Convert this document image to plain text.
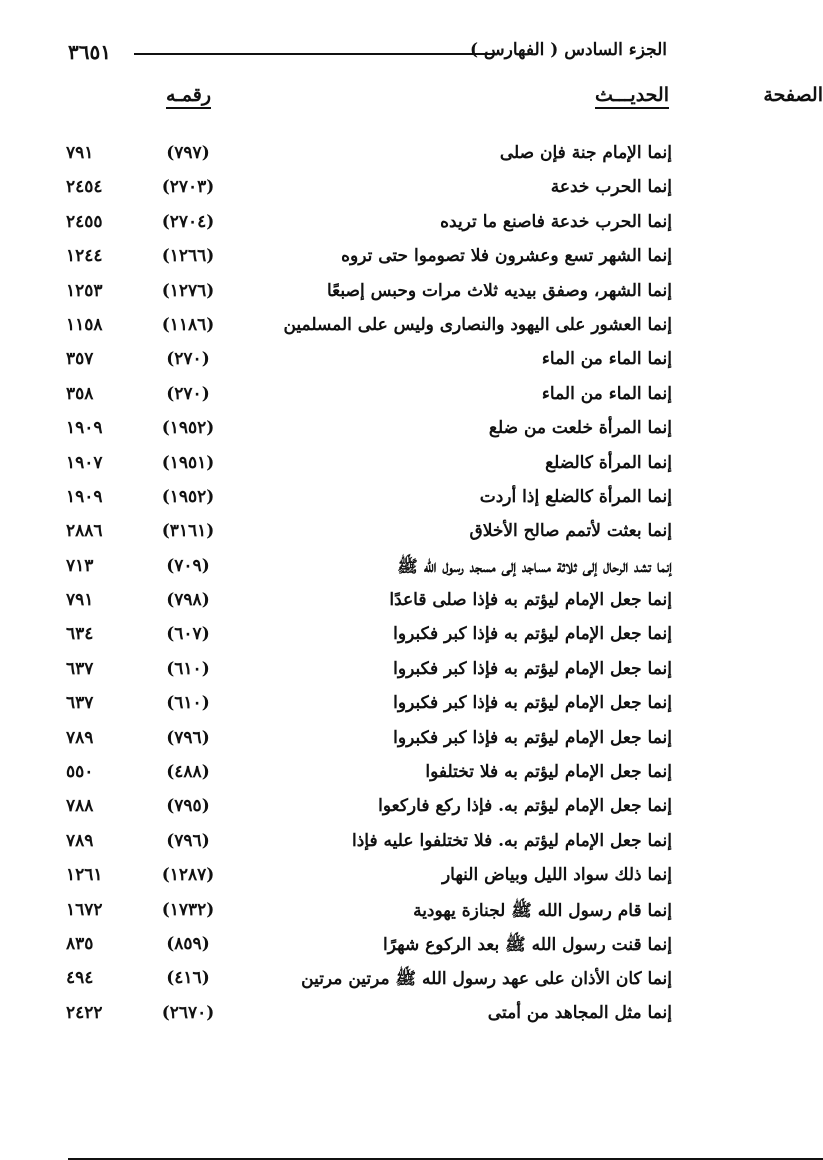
٣٦٥١	الجزء السادس ( الفهارس )
الحديـــث
رقمـه	الصفحة
إنما الإمام جنة فإن صلى
(٧٩٧)
٧٩١
إنما الحرب خدعة
(٢٧٠٣)
٢٤٥٤
إنما الحرب خدعة فاصنع ما تريده
(٢٧٠٤)
٢٤٥٥
إنما الشهر تسع وعشرون فلا تصوموا حتى تروه
(١٢٦٦)
١٢٤٤
إنما الشهر، وصفق بيديه ثلاث مرات وحبس إصبعًا
(١٢٧٦)
١٢٥٣
إنما العشور على اليهود والنصارى وليس على المسلمين
(١١٨٦)
١١٥٨
إنما الماء من الماء
(٢٧٠)
٣٥٧
إنما الماء من الماء
(٢٧٠)
٣٥٨
إنما المرأة خلعت من ضلع
(١٩٥٢)
١٩٠٩
إنما المرأة كالضلع
(١٩٥١)
١٩٠٧
إنما المرأة كالضلع إذا أردت
(١٩٥٢)
١٩٠٩
إنما بعثت لأتمم صالح الأخلاق
(٣١٦١)
٢٨٨٦
إنما تشد الرحال إلى ثلاثة مساجد إلى مسجد رسول الله ﷺ
(٧٠٩)
٧١٣
إنما جعل الإمام ليؤتم به فإذا صلى قاعدًا
(٧٩٨)
٧٩١
إنما جعل الإمام ليؤتم به فإذا كبر فكبروا
(٦٠٧)
٦٣٤
إنما جعل الإمام ليؤتم به فإذا كبر فكبروا
(٦١٠)
٦٣٧
إنما جعل الإمام ليؤتم به فإذا كبر فكبروا
(٦١٠)
٦٣٧
إنما جعل الإمام ليؤتم به فإذا كبر فكبروا
(٧٩٦)
٧٨٩
إنما جعل الإمام ليؤتم به فلا تختلفوا
(٤٨٨)
٥٥٠
إنما جعل الإمام ليؤتم به. فإذا ركع فاركعوا
(٧٩٥)
٧٨٨
إنما جعل الإمام ليؤتم به. فلا تختلفوا عليه فإذا
(٧٩٦)
٧٨٩
إنما ذلك سواد الليل وبياض النهار
(١٢٨٧)
١٢٦١
إنما قام رسول الله ﷺ لجنازة يهودية
(١٧٣٢)
١٦٧٢
إنما قنت رسول الله ﷺ بعد الركوع شهرًا
(٨٥٩)
٨٣٥
إنما كان الأذان على عهد رسول الله ﷺ مرتين مرتين
(٤١٦)
٤٩٤
إنما مثل المجاهد من أمتى
(٢٦٧٠)
٢٤٢٢
